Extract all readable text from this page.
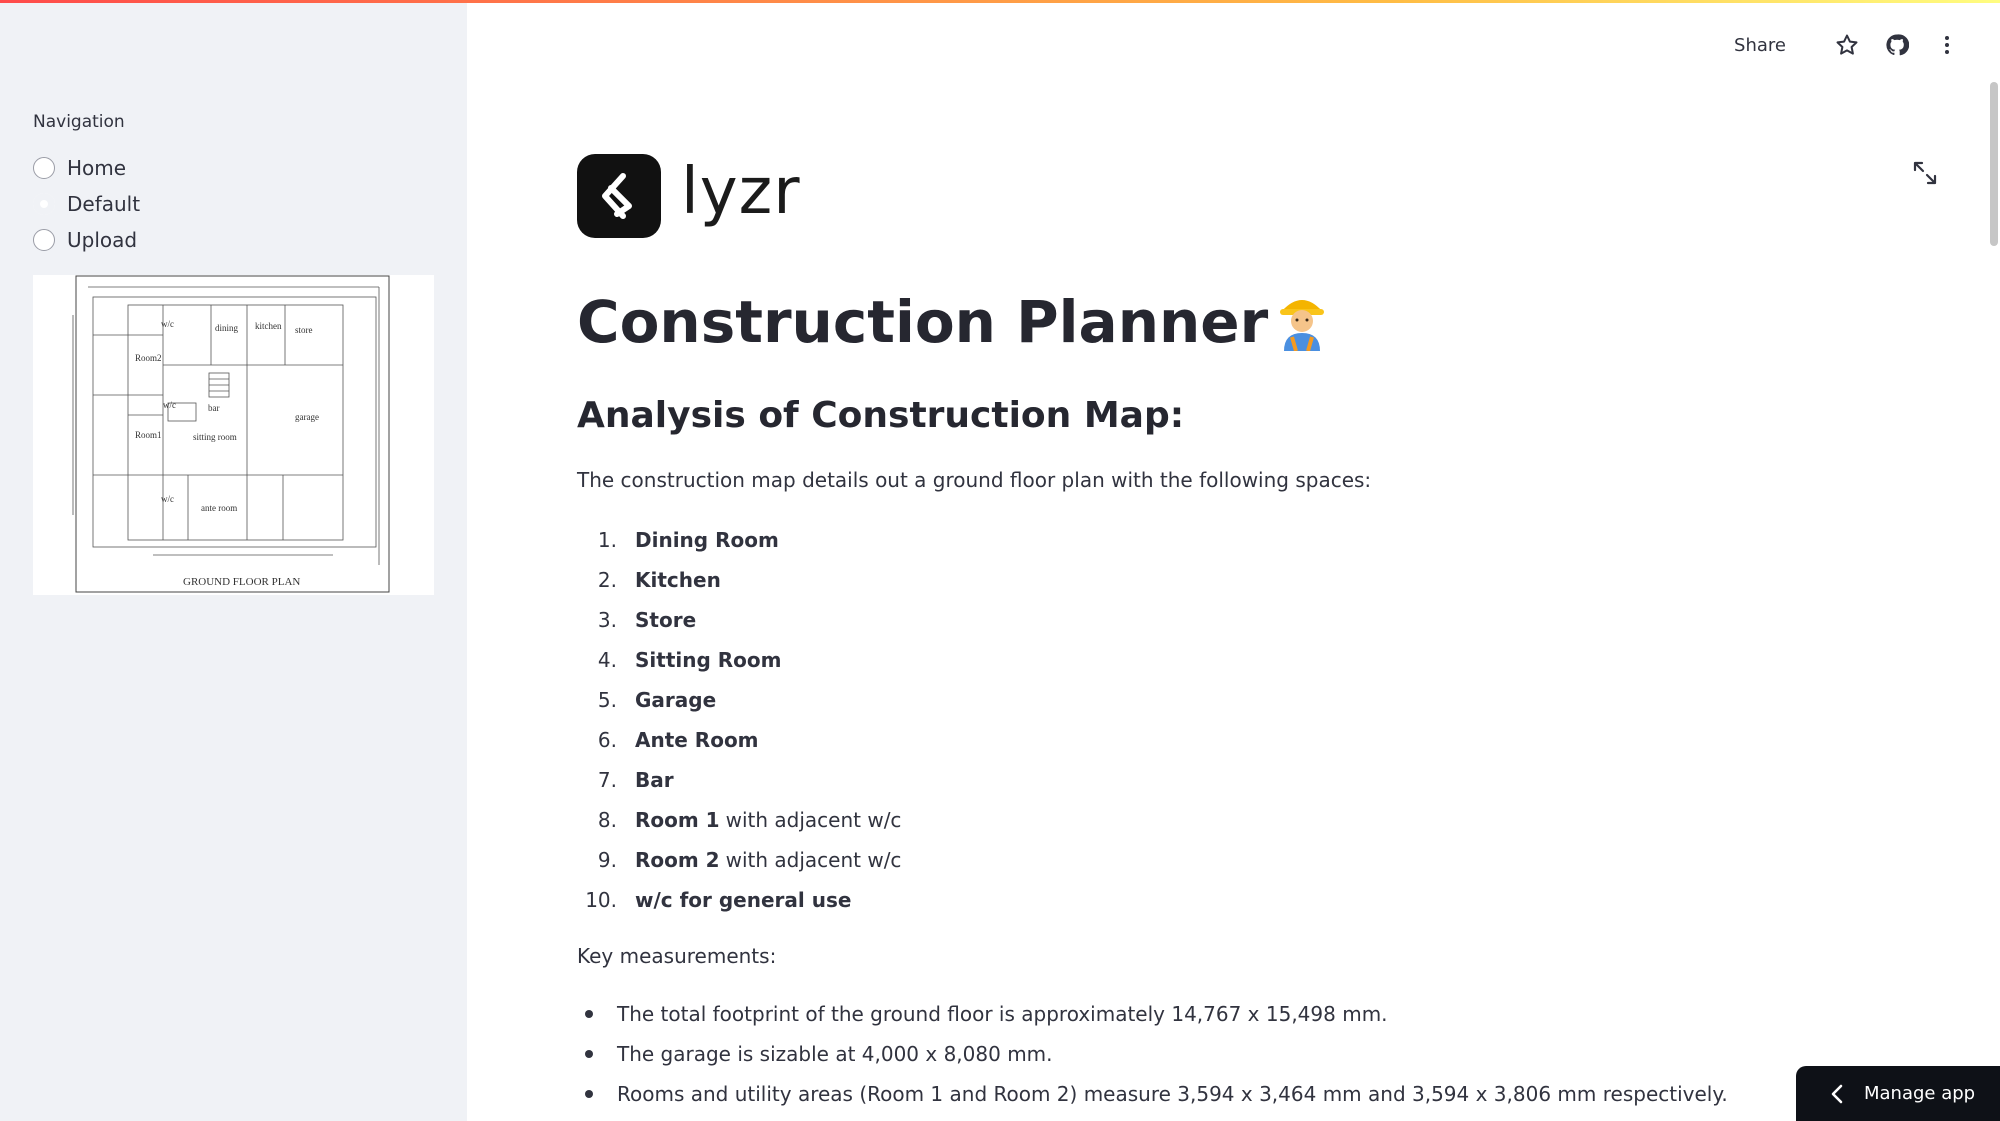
Navigation
Home
Default
Upload
w/c	dining kitchen store
Room2
w/c	bar
garage
Room1	sitting room
w/c
ante room
GROUND FLOOR PLAN
Share
lyzr
Construction Planner
Analysis of Construction Map:

The construction map details out a ground floor plan with the following spaces:

1. Dining Room
2. Kitchen
3. Store
4. Sitting Room
5. Garage
6. Ante Room
7. Bar
8. Room 1 with adjacent w/c
9. Room 2 with adjacent w/c
10. w/c for general use

Key measurements:

The total footprint of the ground floor is approximately 14,767 x 15,498 mm.
The garage is sizable at 4,000 x 8,080 mm.
Rooms and utility areas (Room 1 and Room 2) measure 3,594 x 3,464 mm and 3,594 x 3,806 mm respectively.	Manage app
